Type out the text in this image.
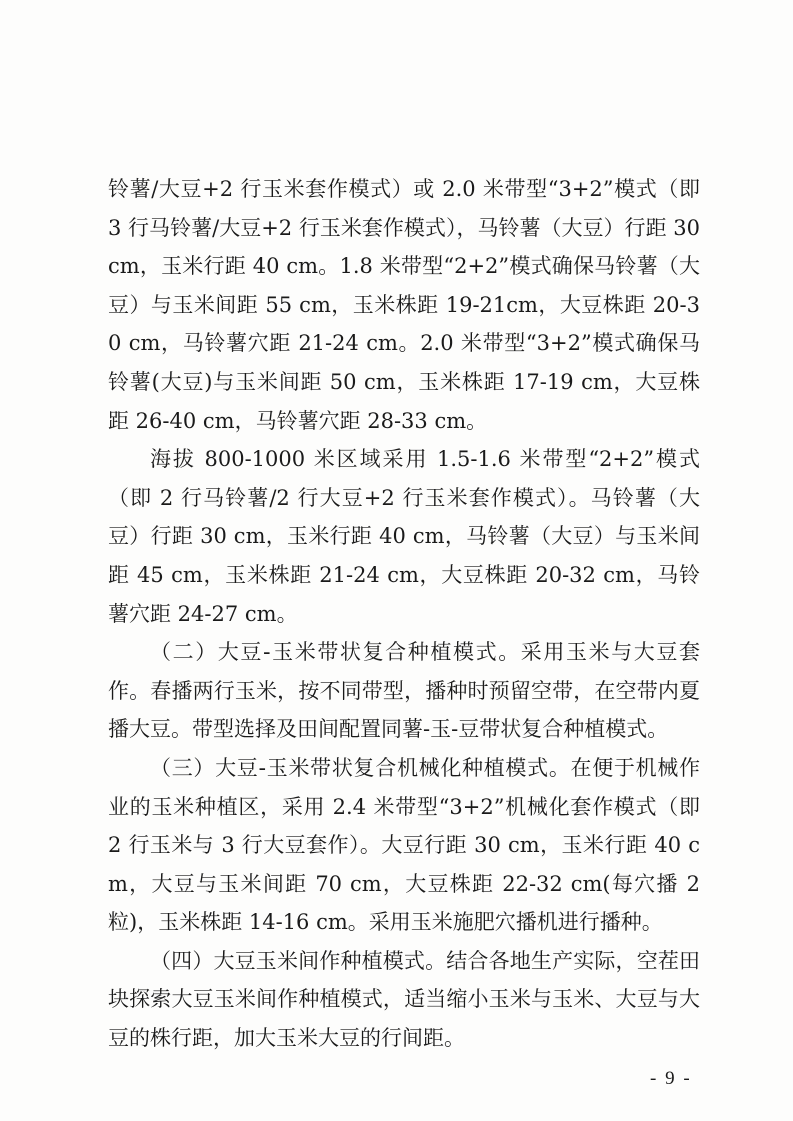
铃薯/大豆+2 行玉米套作模式）或 2.0 米带型“3+2”模式（即 3 行马铃薯/大豆+2 行玉米套作模式），马铃薯（大豆）行距 30 cm，玉米行距 40 cm。1.8 米带型“2+2”模式确保马铃薯（大豆）与玉米间距 55 cm，玉米株距 19-21cm，大豆株距 20-30 cm，马铃薯穴距 21-24 cm。2.0 米带型“3+2”模式确保马铃薯(大豆)与玉米间距 50 cm，玉米株距 17-19 cm，大豆株距 26-40 cm，马铃薯穴距 28-33 cm。

海拔 800-1000 米区域采用 1.5-1.6 米带型“2+2”模式（即 2 行马铃薯/2 行大豆+2 行玉米套作模式）。马铃薯（大豆）行距 30 cm，玉米行距 40 cm，马铃薯（大豆）与玉米间距 45 cm，玉米株距 21-24 cm，大豆株距 20-32 cm，马铃薯穴距 24-27 cm。

（二）大豆-玉米带状复合种植模式。采用玉米与大豆套作。春播两行玉米，按不同带型，播种时预留空带，在空带内夏播大豆。带型选择及田间配置同薯-玉-豆带状复合种植模式。

（三）大豆-玉米带状复合机械化种植模式。在便于机械作业的玉米种植区，采用 2.4 米带型“3+2”机械化套作模式（即 2 行玉米与 3 行大豆套作）。大豆行距 30 cm，玉米行距 40 cm，大豆与玉米间距 70 cm，大豆株距 22-32 cm(每穴播 2 粒)，玉米株距 14-16 cm。采用玉米施肥穴播机进行播种。

（四）大豆玉米间作种植模式。结合各地生产实际，空茬田块探索大豆玉米间作种植模式，适当缩小玉米与玉米、大豆与大豆的株行距，加大玉米大豆的行间距。

- 9 -
